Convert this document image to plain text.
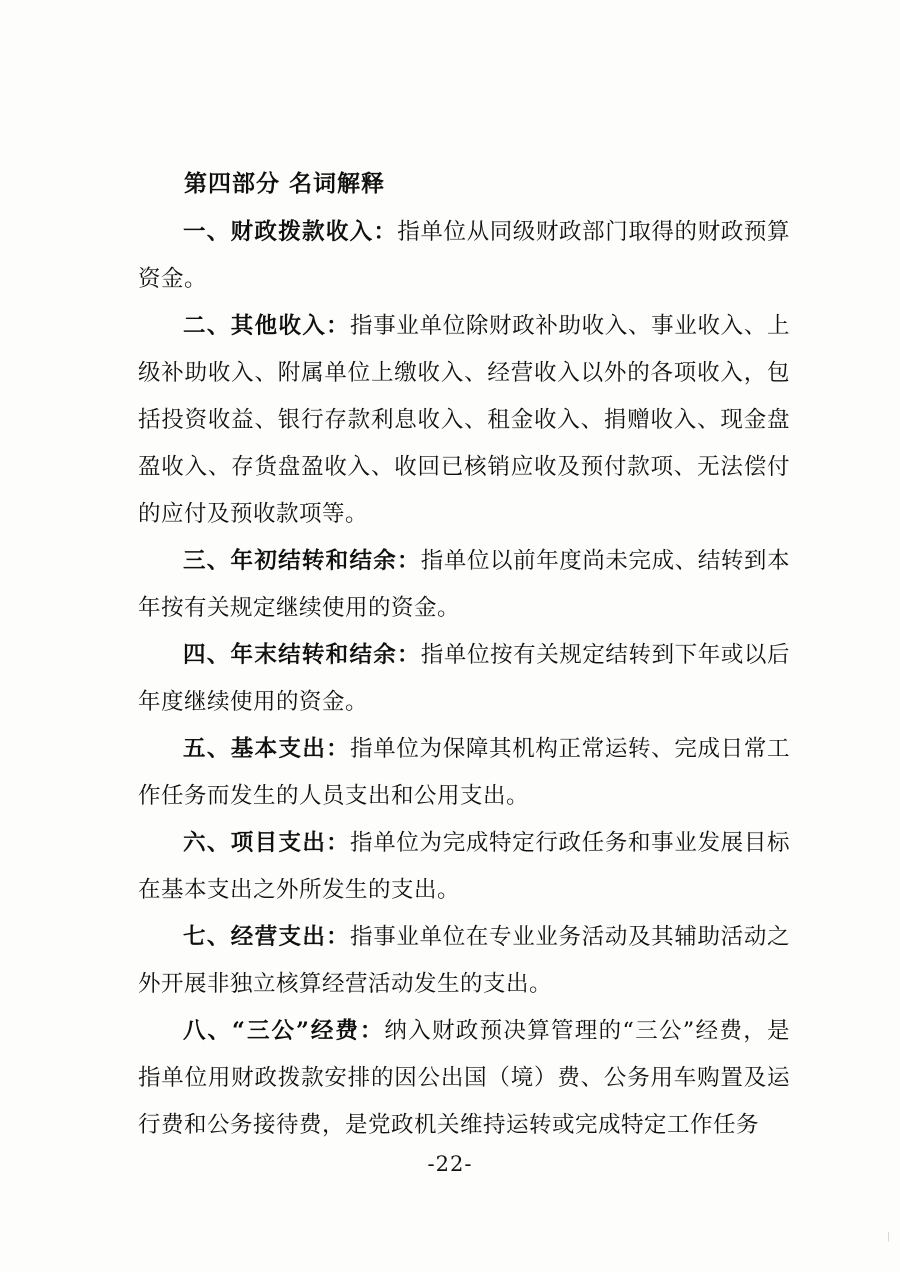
第四部分 名词解释

一、财政拨款收入：指单位从同级财政部门取得的财政预算资金。

二、其他收入：指事业单位除财政补助收入、事业收入、上级补助收入、附属单位上缴收入、经营收入以外的各项收入，包括投资收益、银行存款利息收入、租金收入、捐赠收入、现金盘盈收入、存货盘盈收入、收回已核销应收及预付款项、无法偿付的应付及预收款项等。

三、年初结转和结余：指单位以前年度尚未完成、结转到本年按有关规定继续使用的资金。

四、年末结转和结余：指单位按有关规定结转到下年或以后年度继续使用的资金。

五、基本支出：指单位为保障其机构正常运转、完成日常工作任务而发生的人员支出和公用支出。

六、项目支出：指单位为完成特定行政任务和事业发展目标在基本支出之外所发生的支出。

七、经营支出：指事业单位在专业业务活动及其辅助活动之外开展非独立核算经营活动发生的支出。

八、“三公”经费：纳入财政预决算管理的“三公”经费，是指单位用财政拨款安排的因公出国（境）费、公务用车购置及运行费和公务接待费，是党政机关维持运转或完成特定工作任务

-22-
|
